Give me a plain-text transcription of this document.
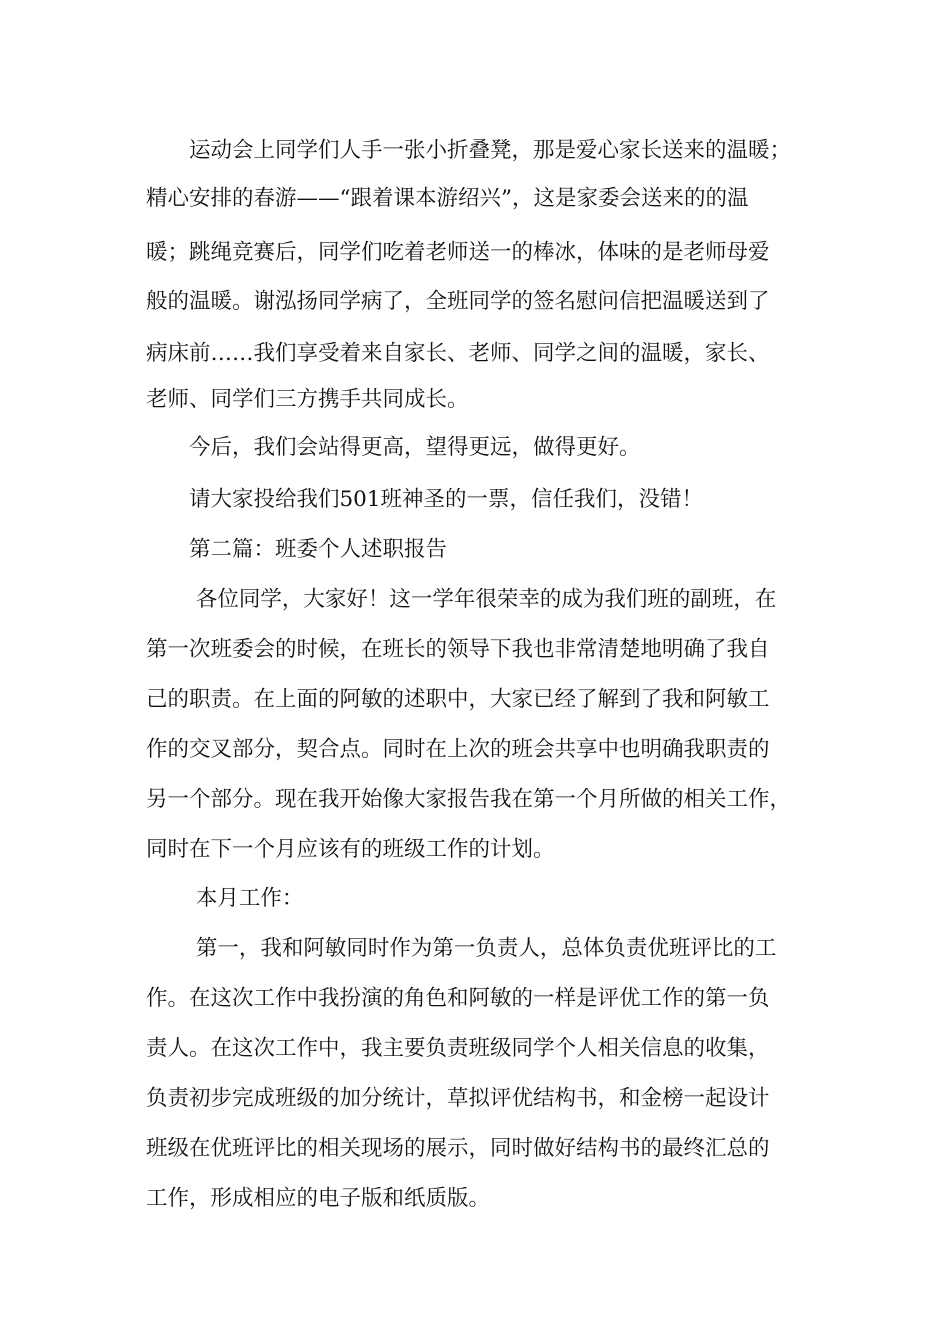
　　运动会上同学们人手一张小折叠凳，那是爱心家长送来的温暖；
精心安排的春游——“跟着课本游绍兴”，这是家委会送来的的温
暖；跳绳竞赛后，同学们吃着老师送一的棒冰，体味的是老师母爱
般的温暖。谢泓扬同学病了，全班同学的签名慰问信把温暖送到了
病床前……我们享受着来自家长、老师、同学之间的温暖，家长、
老师、同学们三方携手共同成长。
　　今后，我们会站得更高，望得更远，做得更好。
　　请大家投给我们501班神圣的一票，信任我们，没错！
　　第二篇：班委个人述职报告
　　 各位同学，大家好！这一学年很荣幸的成为我们班的副班，在
第一次班委会的时候，在班长的领导下我也非常清楚地明确了我自
己的职责。在上面的阿敏的述职中，大家已经了解到了我和阿敏工
作的交叉部分，契合点。同时在上次的班会共享中也明确我职责的
另一个部分。现在我开始像大家报告我在第一个月所做的相关工作，
同时在下一个月应该有的班级工作的计划。
　　 本月工作：
　　 第一，我和阿敏同时作为第一负责人，总体负责优班评比的工
作。在这次工作中我扮演的角色和阿敏的一样是评优工作的第一负
责人。在这次工作中，我主要负责班级同学个人相关信息的收集，
负责初步完成班级的加分统计，草拟评优结构书，和金榜一起设计
班级在优班评比的相关现场的展示，同时做好结构书的最终汇总的
工作，形成相应的电子版和纸质版。
